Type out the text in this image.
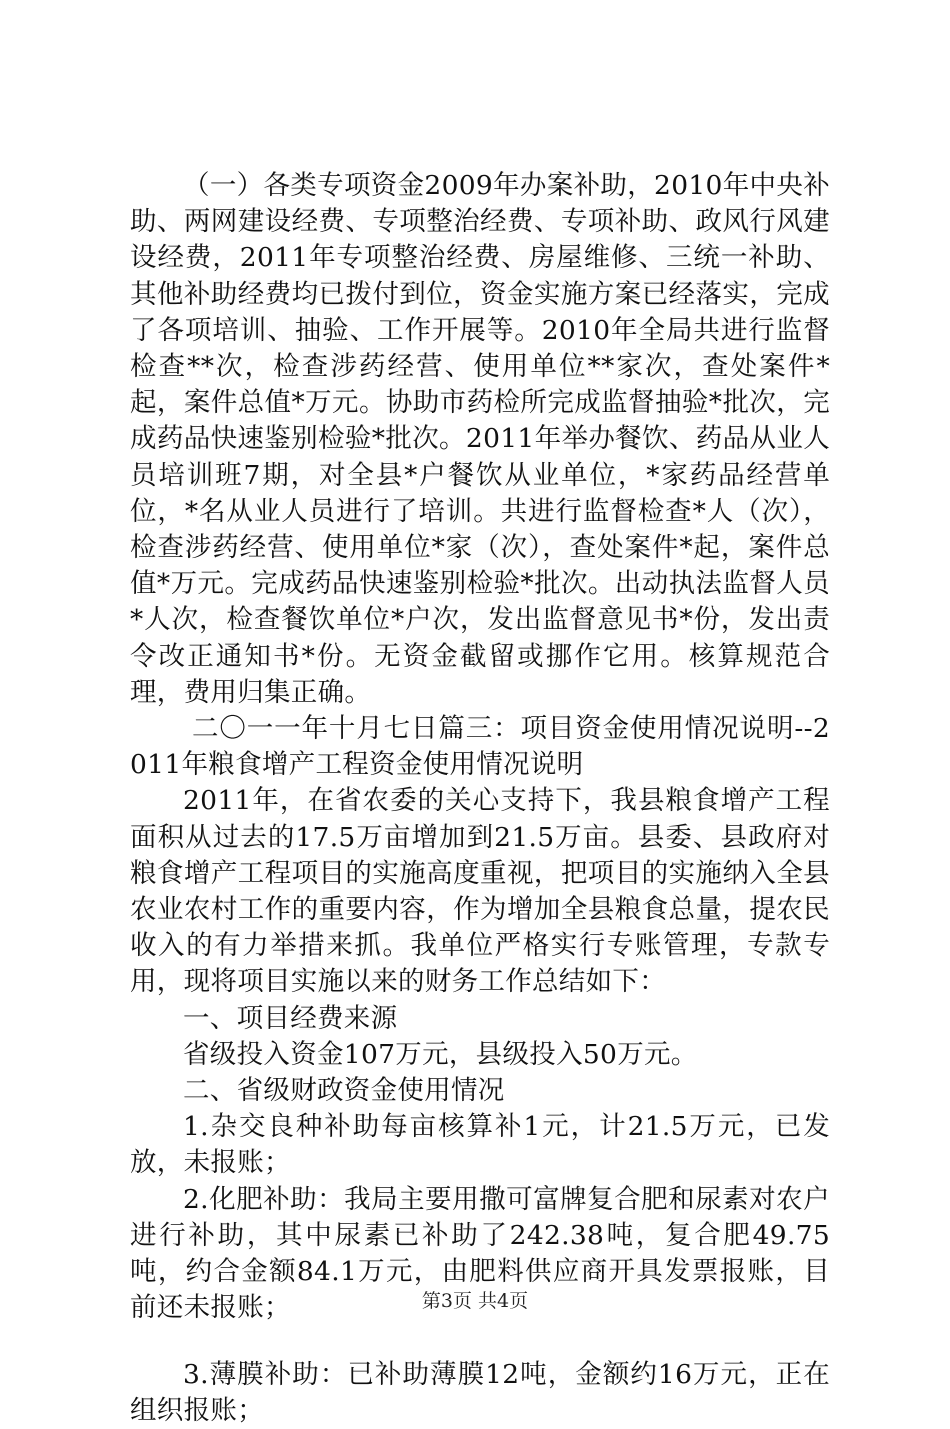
（一）各类专项资金2009年办案补助，2010年中央补助、两网建设经费、专项整治经费、专项补助、政风行风建设经费，2011年专项整治经费、房屋维修、三统一补助、其他补助经费均已拨付到位，资金实施方案已经落实，完成了各项培训、抽验、工作开展等。2010年全局共进行监督检查**次，检查涉药经营、使用单位**家次，查处案件*起，案件总值*万元。协助市药检所完成监督抽验*批次，完成药品快速鉴别检验*批次。2011年举办餐饮、药品从业人员培训班7期，对全县*户餐饮从业单位，*家药品经营单位，*名从业人员进行了培训。共进行监督检查*人（次），检查涉药经营、使用单位*家（次），查处案件*起，案件总值*万元。完成药品快速鉴别检验*批次。出动执法监督人员*人次，检查餐饮单位*户次，发出监督意见书*份，发出责令改正通知书*份。无资金截留或挪作它用。核算规范合理，费用归集正确。

二〇一一年十月七日篇三：项目资金使用情况说明--2011年粮食增产工程资金使用情况说明

2011年，在省农委的关心支持下，我县粮食增产工程面积从过去的17.5万亩增加到21.5万亩。县委、县政府对粮食增产工程项目的实施高度重视，把项目的实施纳入全县农业农村工作的重要内容，作为增加全县粮食总量，提农民收入的有力举措来抓。我单位严格实行专账管理，专款专用，现将项目实施以来的财务工作总结如下：

一、项目经费来源

省级投入资金107万元，县级投入50万元。

二、省级财政资金使用情况

1.杂交良种补助每亩核算补1元，计21.5万元，已发放，未报账；

2.化肥补助：我局主要用撒可富牌复合肥和尿素对农户进行补助，其中尿素已补助了242.38吨，复合肥49.75吨，约合金额84.1万元，由肥料供应商开具发票报账，目前还未报账；

3.薄膜补助：已补助薄膜12吨，金额约16万元，正在组织报账；

第3页 共4页
